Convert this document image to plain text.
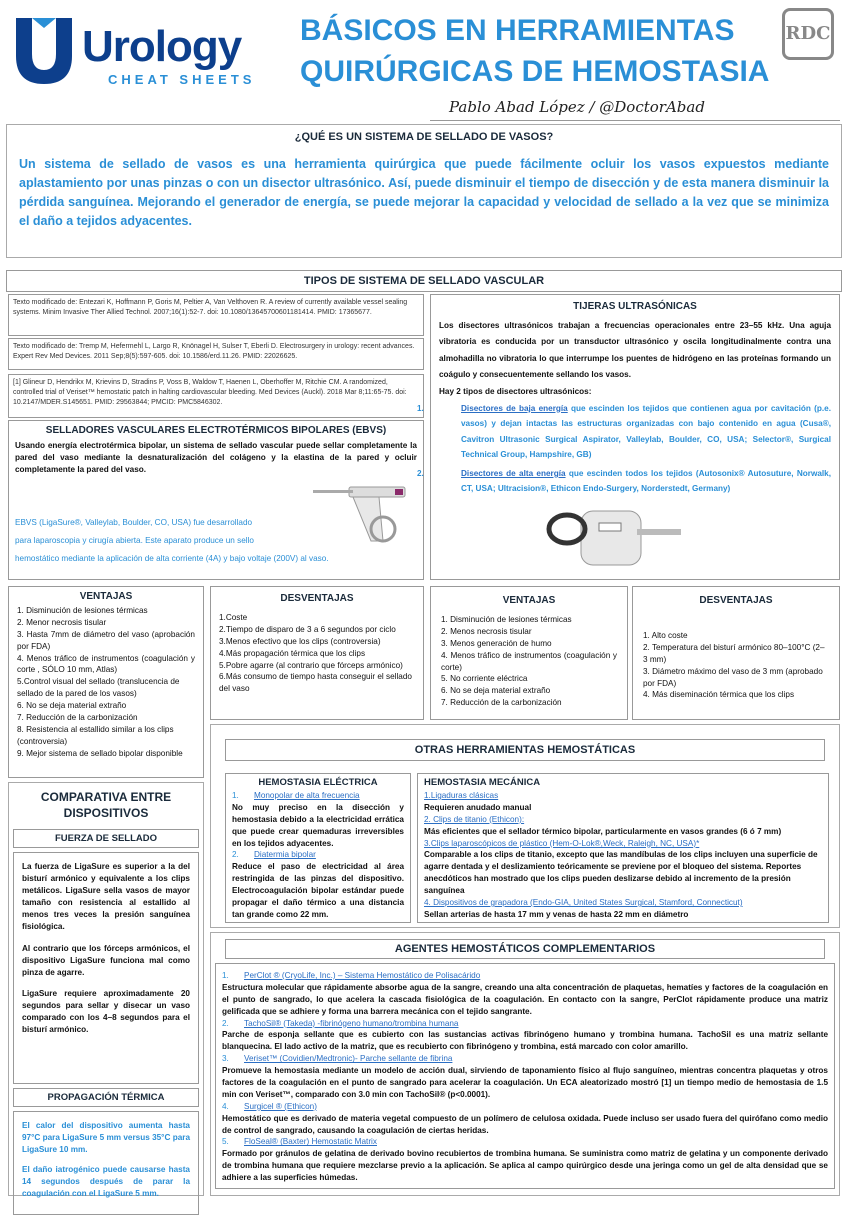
Urology
CHEAT SHEETS
BÁSICOS EN HERRAMIENTAS
QUIRÚRGICAS DE HEMOSTASIA
Pablo Abad López / @DoctorAbad
RDC
¿QUÉ ES UN SISTEMA DE SELLADO DE VASOS?
Un sistema de sellado de vasos es una herramienta quirúrgica que puede fácilmente ocluir los vasos expuestos mediante aplastamiento por unas pinzas o con un disector ultrasónico. Así, puede disminuir el tiempo de disección y de esta manera disminuir la pérdida sanguínea. Mejorando el generador de energía, se puede mejorar la capacidad y velocidad de sellado a la vez que se minimiza el daño a tejidos adyacentes.
TIPOS DE SISTEMA DE SELLADO VASCULAR
Texto modificado de: Entezari K, Hoffmann P, Goris M, Peltier A, Van Velthoven R. A review of currently available vessel sealing systems. Minim Invasive Ther Allied Technol. 2007;16(1):52-7. doi: 10.1080/13645700601181414. PMID: 17365677.
Texto modificado de: Tremp M, Hefermehl L, Largo R, Knönagel H, Sulser T, Eberli D. Electrosurgery in urology: recent advances. Expert Rev Med Devices. 2011 Sep;8(5):597-605. doi: 10.1586/erd.11.26. PMID: 22026625.
[1] Glineur D, Hendrikx M, Krievins D, Stradins P, Voss B, Waldow T, Haenen L, Oberhoffer M, Ritchie CM. A randomized, controlled trial of Veriset™ hemostatic patch in halting cardiovascular bleeding. Med Devices (Auckl). 2018 Mar 8;11:65-75. doi: 10.2147/MDER.S145651. PMID: 29563844; PMCID: PMC5846302.
SELLADORES VASCULARES ELECTROTÉRMICOS BIPOLARES (EBVS)
Usando energía electrotérmica bipolar, un sistema de sellado vascular puede sellar completamente la pared del vaso mediante la desnaturalización del colágeno y la elastina de la pared y ocluir completamente la pared del vaso.
EBVS (LigaSure®, Valleylab, Boulder, CO, USA) fue desarrollado
para laparoscopia y cirugía abierta. Este aparato produce un sello
hemostático mediante la aplicación de alta corriente (4A) y bajo voltaje (200V) al vaso.
TIJERAS ULTRASÓNICAS
Los disectores ultrasónicos trabajan a frecuencias operacionales entre 23–55 kHz. Una aguja vibratoria es conducida por un transductor ultrasónico y oscila longitudinalmente contra una almohadilla no vibratoria lo que interrumpe los puentes de hidrógeno en las proteínas formando un coágulo y consecuentemente sellando los vasos.
Hay 2 tipos de disectores ultrasónicos:
1.	Disectores de baja energía que escinden los tejidos que contienen agua por cavitación (p.e. vasos) y dejan intactas las estructuras organizadas con bajo contenido en agua (Cusa®, Cavitron Ultrasonic Surgical Aspirator, Valleylab, Boulder, CO, USA; Selector®, Surgical Technical Group, Hampshire, GB)
2.	Disectores de alta energía que escinden todos los tejidos (Autosonix® Autosuture, Norwalk, CT, USA; Ultracision®, Ethicon Endo-Surgery, Norderstedt, Germany)
VENTAJAS
1. Disminución de lesiones térmicas
2. Menor necrosis tisular
3. Hasta 7mm de diámetro del vaso (aprobación por FDA)
4. Menos tráfico de instrumentos (coagulación y corte , SÓLO 10 mm, Atlas)
5.Control visual del sellado (translucencia de sellado de la pared de los vasos)
6. No se deja material extraño
7. Reducción de la carbonización
8. Resistencia al estallido similar a los clips (controversia)
9. Mejor sistema de sellado bipolar disponible
DESVENTAJAS
1.Coste
2.Tiempo de disparo de 3 a 6 segundos por ciclo
3.Menos efectivo que los clips (controversia)
4.Más propagación térmica que los clips
5.Pobre agarre (al contrario que fórceps armónico)
6.Más consumo de tiempo hasta conseguir el sellado del vaso
VENTAJAS
1. Disminución de lesiones térmicas
2. Menos necrosis tisular
3. Menos generación de humo
4. Menos tráfico de instrumentos (coagulación y corte)
5. No corriente eléctrica
6. No se deja material extraño
7. Reducción de la carbonización
DESVENTAJAS
1. Alto coste
2. Temperatura del bisturí armónico 80–100°C (2–3 mm)
3. Diámetro máximo del vaso de 3 mm (aprobado por FDA)
4. Más diseminación térmica que los clips
COMPARATIVA ENTRE DISPOSITIVOS
FUERZA DE SELLADO
La fuerza de LigaSure es superior a la del bisturí armónico y equivalente a los clips metálicos. LigaSure sella vasos de mayor tamaño con resistencia al estallido al menos tres veces la presión sanguínea fisiológica.
Al contrario que los fórceps armónicos, el dispositivo LigaSure funciona mal como pinza de agarre.
LigaSure requiere aproximadamente 20 segundos para sellar y disecar un vaso comparado con los 4–8 segundos para el bisturí armónico.
PROPAGACIÓN TÉRMICA
El calor del dispositivo aumenta hasta 97°C para LigaSure 5 mm versus 35°C para LigaSure 10 mm.
El daño iatrogénico puede causarse hasta 14 segundos después de parar la coagulación con el LigaSure 5 mm.
OTRAS HERRAMIENTAS HEMOSTÁTICAS
HEMOSTASIA ELÉCTRICA
1. Monopolar de alta frecuencia
No muy preciso en la disección y hemostasia debido a la electricidad errática que puede crear quemaduras irreversibles en los tejidos adyacentes.
2. Diatermia bipolar
Reduce el paso de electricidad al área restringida de las pinzas del dispositivo. Electrocoagulación bipolar estándar puede propagar el daño térmico a una distancia tan grande como 22 mm.
HEMOSTASIA MECÁNICA
1.Ligaduras clásicas
Requieren anudado manual
2. Clips de titanio (Ethicon):
Más eficientes que el sellador térmico bipolar, particularmente en vasos grandes (6 ó 7 mm)
3.Clips laparoscópicos de plástico (Hem-O-Lok®,Weck, Raleigh, NC, USA)*
Comparable a los clips de titanio, excepto que las mandíbulas de los clips incluyen una superficie de agarre dentada y el deslizamiento teóricamente se previene por el bloqueo del sistema. Reportes anecdóticos han mostrado que los clips pueden deslizarse debido al incremento de la presión sanguínea
4. Dispositivos de grapadora (Endo-GIA, United States Surgical, Stamford, Connecticut)
Sellan arterias de hasta 17 mm y venas de hasta 22 mm en diámetro
AGENTES HEMOSTÁTICOS COMPLEMENTARIOS
1. PerClot ® (CryoLife, Inc.) – Sistema Hemostático de Polisacárido
Estructura molecular que rápidamente absorbe agua de la sangre, creando una alta concentración de plaquetas, hematíes y factores de la coagulación en el punto de sangrado, lo que acelera la cascada fisiológica de la coagulación. En contacto con la sangre, PerClot rápidamente produce una matriz gelificada que se adhiere y forma una barrera mecánica con el tejido sangrante.
2. TachoSil® (Takeda) -fibrinógeno humano/trombina humana
Parche de esponja sellante que es cubierto con las sustancias activas fibrinógeno humano y trombina humana. TachoSil es una matriz sellante blanquecina. El lado activo de la matriz, que es recubierto con fibrinógeno y trombina, está marcado con color amarillo.
3. Veriset™ (Covidien/Medtronic)- Parche sellante de fibrina
Promueve la hemostasia mediante un modelo de acción dual, sirviendo de taponamiento físico al flujo sanguíneo, mientras concentra plaquetas y otros factores de la coagulación en el punto de sangrado para acelerar la coagulación. Un ECA aleatorizado mostró [1] un tiempo medio de hemostasia de 1.5 min con Veriset™, comparado con 3.0 min con TachoSil® (p<0.0001).
4. Surgicel ® (Ethicon)
Hemostático que es derivado de materia vegetal compuesto de un polímero de celulosa oxidada. Puede incluso ser usado fuera del quirófano como medio de control de sangrado, causando la coagulación de ciertas heridas.
5. FloSeal® (Baxter) Hemostatic Matrix
Formado por gránulos de gelatina de derivado bovino recubiertos de trombina humana. Se suministra como matriz de gelatina y un componente derivado de trombina humana que requiere mezclarse previo a la aplicación. Se aplica al campo quirúrgico desde una jeringa como un gel de alta densidad que se adhiere a las superficies húmedas.
